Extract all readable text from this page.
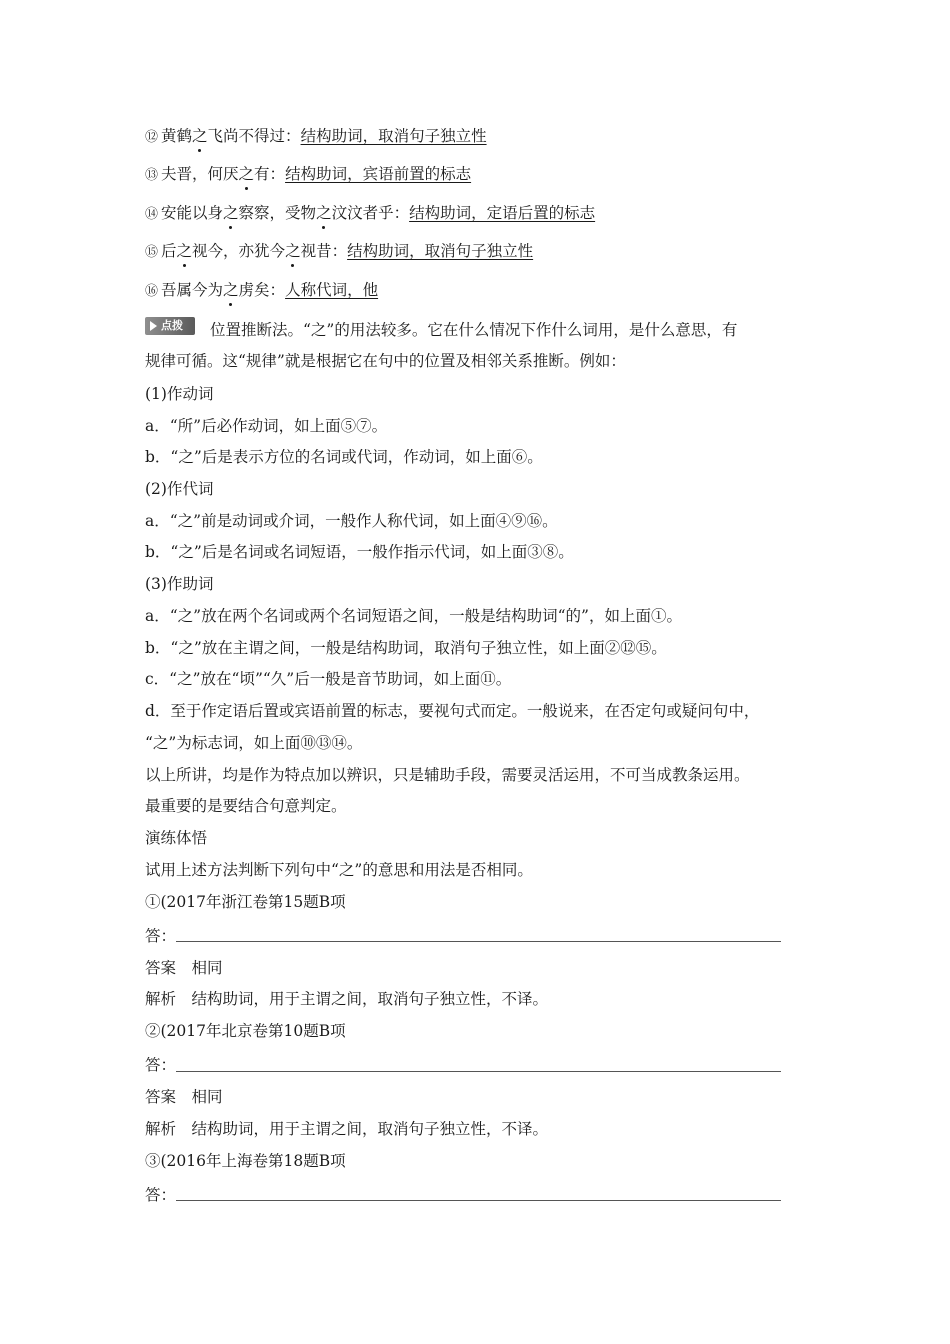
⑫ 黄鹤之飞尚不得过：结构助词，取消句子独立性
⑬ 夫晋，何厌之有：结构助词，宾语前置的标志
⑭ 安能以身之察察，受物之汶汶者乎：结构助词，定语后置的标志
⑮ 后之视今，亦犹今之视昔：结构助词，取消句子独立性
⑯ 吾属今为之虏矣：人称代词，他
点拨 位置推断法。“之”的用法较多。它在什么情况下作什么词用，是什么意思，有
规律可循。这“规律”就是根据它在句中的位置及相邻关系推断。例如：
(1)作动词
a．“所”后必作动词，如上面⑤⑦。
b．“之”后是表示方位的名词或代词，作动词，如上面⑥。
(2)作代词
a．“之”前是动词或介词，一般作人称代词，如上面④⑨⑯。
b．“之”后是名词或名词短语，一般作指示代词，如上面③⑧。
(3)作助词
a．“之”放在两个名词或两个名词短语之间，一般是结构助词“的”，如上面①。
b．“之”放在主谓之间，一般是结构助词，取消句子独立性，如上面②⑫⑮。
c．“之”放在“顷”“久”后一般是音节助词，如上面⑪。
d．至于作定语后置或宾语前置的标志，要视句式而定。一般说来，在否定句或疑问句中，
“之”为标志词，如上面⑩⑬⑭。
以上所讲，均是作为特点加以辨识，只是辅助手段，需要灵活运用，不可当成教条运用。
最重要的是要结合句意判定。
演练体悟
试用上述方法判断下列句中“之”的意思和用法是否相同。
①(2017年浙江卷第15题B项
答：
答案　相同
解析　结构助词，用于主谓之间，取消句子独立性，不译。
②(2017年北京卷第10题B项
答：
答案　相同
解析　结构助词，用于主谓之间，取消句子独立性，不译。
③(2016年上海卷第18题B项
答：
